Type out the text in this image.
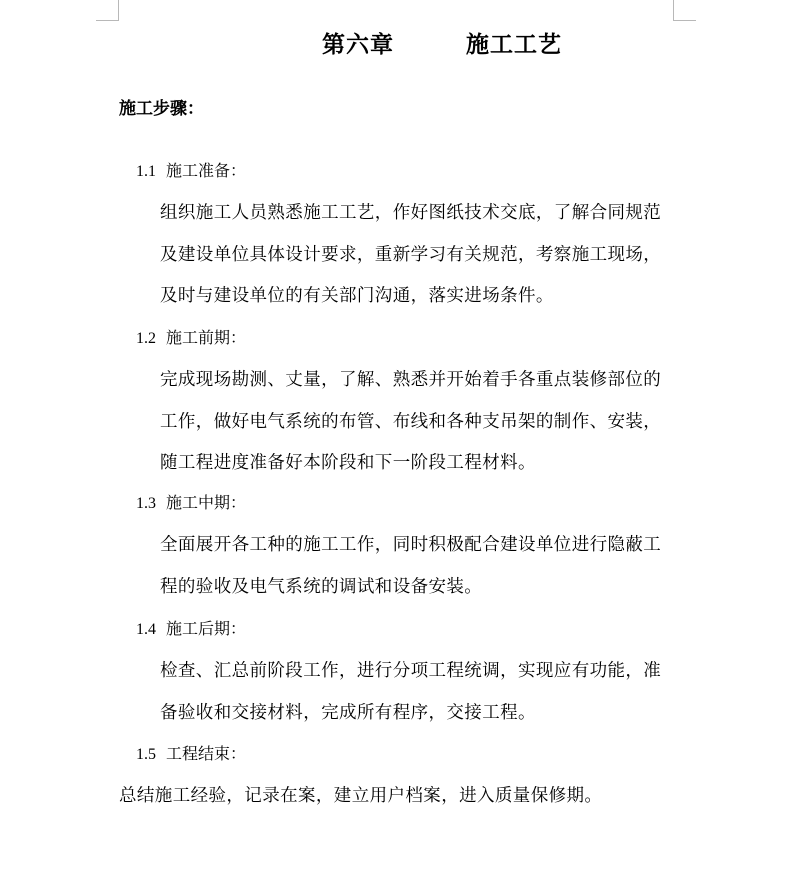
第六章        施工工艺
施工步骤：
1.1 施工准备：
组织施工人员熟悉施工工艺，作好图纸技术交底，了解合同规范及建设单位具体设计要求，重新学习有关规范，考察施工现场，及时与建设单位的有关部门沟通，落实进场条件。
1.2 施工前期：
完成现场勘测、丈量，了解、熟悉并开始着手各重点装修部位的工作，做好电气系统的布管、布线和各种支吊架的制作、安装，随工程进度准备好本阶段和下一阶段工程材料。
1.3 施工中期：
全面展开各工种的施工工作，同时积极配合建设单位进行隐蔽工程的验收及电气系统的调试和设备安装。
1.4 施工后期：
检查、汇总前阶段工作，进行分项工程统调，实现应有功能，准备验收和交接材料，完成所有程序，交接工程。
1.5 工程结束：
总结施工经验，记录在案，建立用户档案，进入质量保修期。
